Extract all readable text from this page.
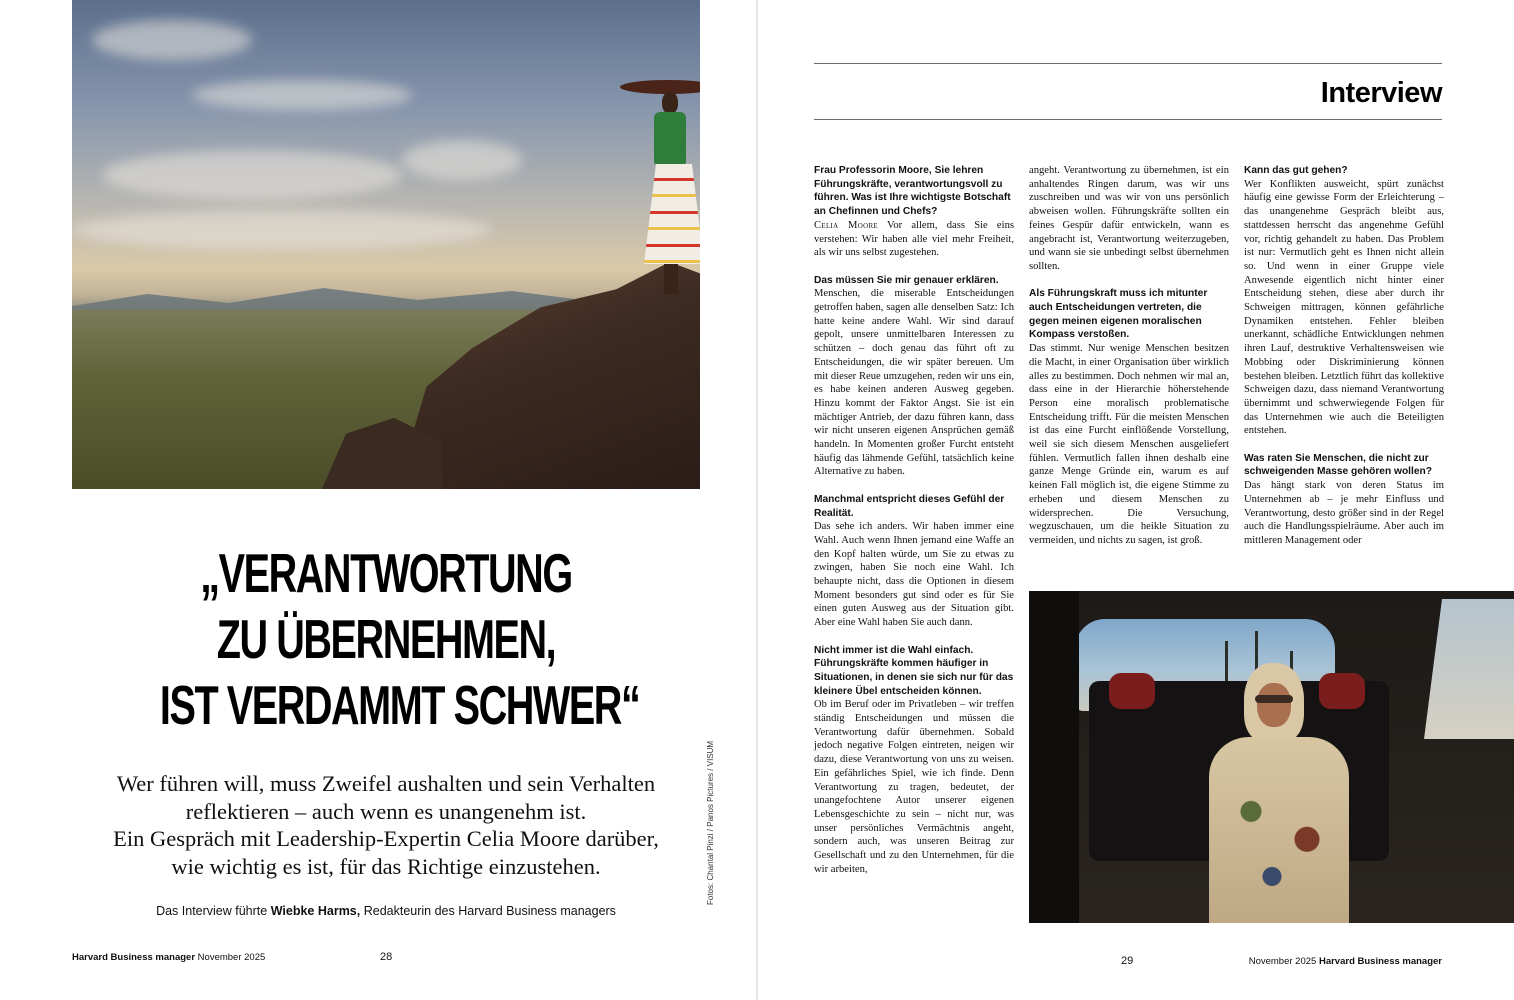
„VERANTWORTUNG
ZU ÜBERNEHMEN,
IST VERDAMMT SCHWER“
Wer führen will, muss Zweifel aushalten und sein Verhalten
reflektieren – auch wenn es unangenehm ist.
Ein Gespräch mit Leadership-Expertin Celia Moore darüber,
wie wichtig es ist, für das Richtige einzustehen.
Das Interview führte Wiebke Harms, Redakteurin des Harvard Business managers
Fotos: Chantal Pinzi / Panos Pictures / VISUM
Harvard Business manager November 2025	28
Interview

Frau Professorin Moore, Sie lehren Führungskräfte, verantwortungsvoll zu führen. Was ist Ihre wichtigste Botschaft an Chefinnen und Chefs?
Celia Moore Vor allem, dass Sie eins verstehen: Wir haben alle viel mehr Freiheit, als wir uns selbst zugestehen.

Das müssen Sie mir genauer erklären.
Menschen, die miserable Entscheidungen getroffen haben, sagen alle denselben Satz: Ich hatte keine andere Wahl. Wir sind darauf gepolt, unsere unmittelbaren Interessen zu schützen – doch genau das führt oft zu Entscheidungen, die wir später bereuen. Um mit dieser Reue umzugehen, reden wir uns ein, es habe keinen anderen Ausweg gegeben. Hinzu kommt der Faktor Angst. Sie ist ein mächtiger Antrieb, der dazu führen kann, dass wir nicht unseren eigenen Ansprüchen gemäß handeln. In Momenten großer Furcht entsteht häufig das lähmende Gefühl, tatsächlich keine Alternative zu haben.

Manchmal entspricht dieses Gefühl der Realität.
Das sehe ich anders. Wir haben immer eine Wahl. Auch wenn Ihnen jemand eine Waffe an den Kopf halten würde, um Sie zu etwas zu zwingen, haben Sie noch eine Wahl. Ich behaupte nicht, dass die Optionen in diesem Moment besonders gut sind oder es für Sie einen guten Ausweg aus der Situation gibt. Aber eine Wahl haben Sie auch dann.

Nicht immer ist die Wahl einfach. Führungskräfte kommen häufiger in Situationen, in denen sie sich nur für das kleinere Übel entscheiden können.
Ob im Beruf oder im Privatleben – wir treffen ständig Entscheidungen und müssen die Verantwortung dafür übernehmen. Sobald jedoch negative Folgen eintreten, neigen wir dazu, diese Verantwortung von uns zu weisen. Ein gefährliches Spiel, wie ich finde. Denn Verantwortung zu tragen, bedeutet, der unangefochtene Autor unserer eigenen Lebensgeschichte zu sein – nicht nur, was unser persönliches Vermächtnis angeht, sondern auch, was unseren Beitrag zur Gesellschaft und zu den Unternehmen, für die wir arbeiten,

angeht. Verantwortung zu übernehmen, ist ein anhaltendes Ringen darum, was wir uns zuschreiben und was wir von uns persönlich abweisen wollen. Führungskräfte sollten ein feines Gespür dafür entwickeln, wann es angebracht ist, Verantwortung weiterzugeben, und wann sie sie unbedingt selbst übernehmen sollten.

Als Führungskraft muss ich mitunter auch Entscheidungen vertreten, die gegen meinen eigenen moralischen Kompass verstoßen.
Das stimmt. Nur wenige Menschen besitzen die Macht, in einer Organisation über wirklich alles zu bestimmen. Doch nehmen wir mal an, dass eine in der Hierarchie höherstehende Person eine moralisch problematische Entscheidung trifft. Für die meisten Menschen ist das eine Furcht einflößende Vorstellung, weil sie sich diesem Menschen ausgeliefert fühlen. Vermutlich fallen ihnen deshalb eine ganze Menge Gründe ein, warum es auf keinen Fall möglich ist, die eigene Stimme zu erheben und diesem Menschen zu widersprechen. Die Versuchung, wegzuschauen, um die heikle Situation zu vermeiden, und nichts zu sagen, ist groß.

Kann das gut gehen?
Wer Konflikten ausweicht, spürt zunächst häufig eine gewisse Form der Erleichterung – das unangenehme Gespräch bleibt aus, stattdessen herrscht das angenehme Gefühl vor, richtig gehandelt zu haben. Das Problem ist nur: Vermutlich geht es Ihnen nicht allein so. Und wenn in einer Gruppe viele Anwesende eigentlich nicht hinter einer Entscheidung stehen, diese aber durch ihr Schweigen mittragen, können gefährliche Dynamiken entstehen. Fehler bleiben unerkannt, schädliche Entwicklungen nehmen ihren Lauf, destruktive Verhaltensweisen wie Mobbing oder Diskriminierung können bestehen bleiben. Letztlich führt das kollektive Schweigen dazu, dass niemand Verantwortung übernimmt und schwerwiegende Folgen für das Unternehmen wie auch die Beteiligten entstehen.

Was raten Sie Menschen, die nicht zur schweigenden Masse gehören wollen?
Das hängt stark von deren Status im Unternehmen ab – je mehr Einfluss und Verantwortung, desto größer sind in der Regel auch die Handlungsspielräume. Aber auch im mittleren Management oder

29	November 2025 Harvard Business manager
